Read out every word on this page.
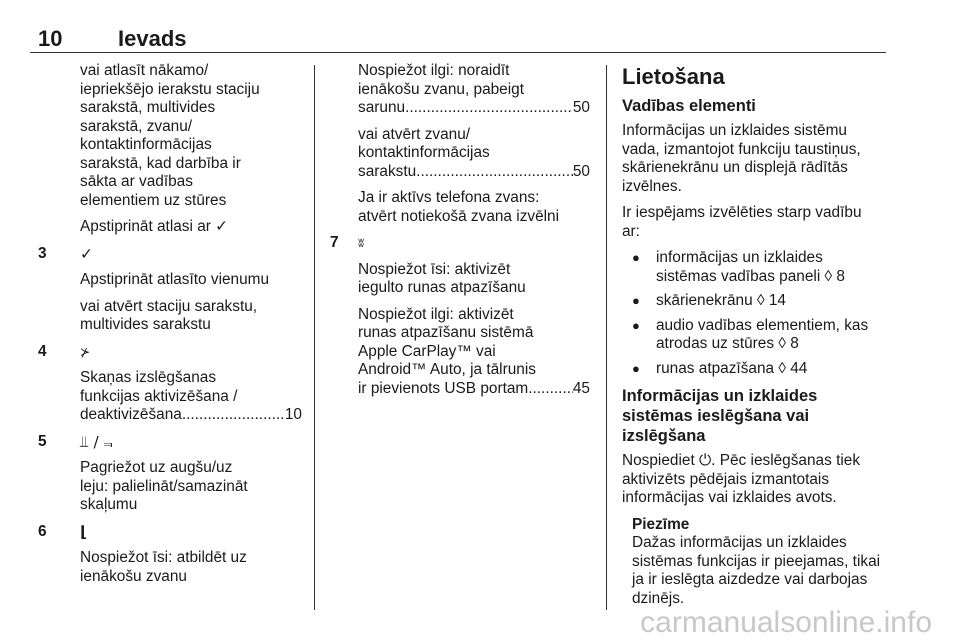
10	Ievads

vai atlasīt nākamo/
iepriekšējo ierakstu staciju
sarakstā, multivides
sarakstā, zvanu/
kontaktinformācijas
sarakstā, kad darbība ir
sākta ar vadības
elementiem uz stūres

Apstiprināt atlasi ar ✓

3 ✓

Apstiprināt atlasīto vienumu

vai atvērt staciju sarakstu,
multivides sarakstu

4	⊁

Skaņas izslēgšanas
funkcijas aktivizēšana /

deaktivizēšana .....	10

5 ⫫ / ⫬

Pagriežot uz augšu/uz
leju: palielināt/samazināt
skaļumu

6 ⌊

Nospiežot īsi: atbildēt uz
ienākošu zvanu

Nospiežot ilgi: noraidīt
ienākošu zvanu, pabeigt

sarunu .....	50

vai atvērt zvanu/
kontaktinformācijas

sarakstu .....	50

Ja ir aktīvs telefona zvans:
atvērt notiekošā zvana izvēlni

7 ʬ

Nospiežot īsi: aktivizēt
iegulto runas atpazīšanu

Nospiežot ilgi: aktivizēt
runas atpazīšanu sistēmā
Apple CarPlay™ vai
Android™ Auto, ja tālrunis

ir pievienots USB portam .....	45

Lietošana
Vadības elementi

Informācijas un izklaides sistēmu
vada, izmantojot funkciju taustiņus,
skārienekrānu un displejā rādītās
izvēlnes.

Ir iespējams izvēlēties starp vadību
ar:

● informācijas un izklaides
sistēmas vadības paneli ◊ 8
● skārienekrānu ◊ 14
● audio vadības elementiem, kas
atrodas uz stūres ◊ 8
● runas atpazīšana ◊ 44
Informācijas un izklaides
sistēmas ieslēgšana vai
izslēgšana

Nospiediet ⏻. Pēc ieslēgšanas tiek
aktivizēts pēdējais izmantotais
informācijas vai izklaides avots.

Piezīme
Dažas informācijas un izklaides
sistēmas funkcijas ir pieejamas, tikai
ja ir ieslēgta aizdedze vai darbojas
dzinējs.
carmanualsonline.info
